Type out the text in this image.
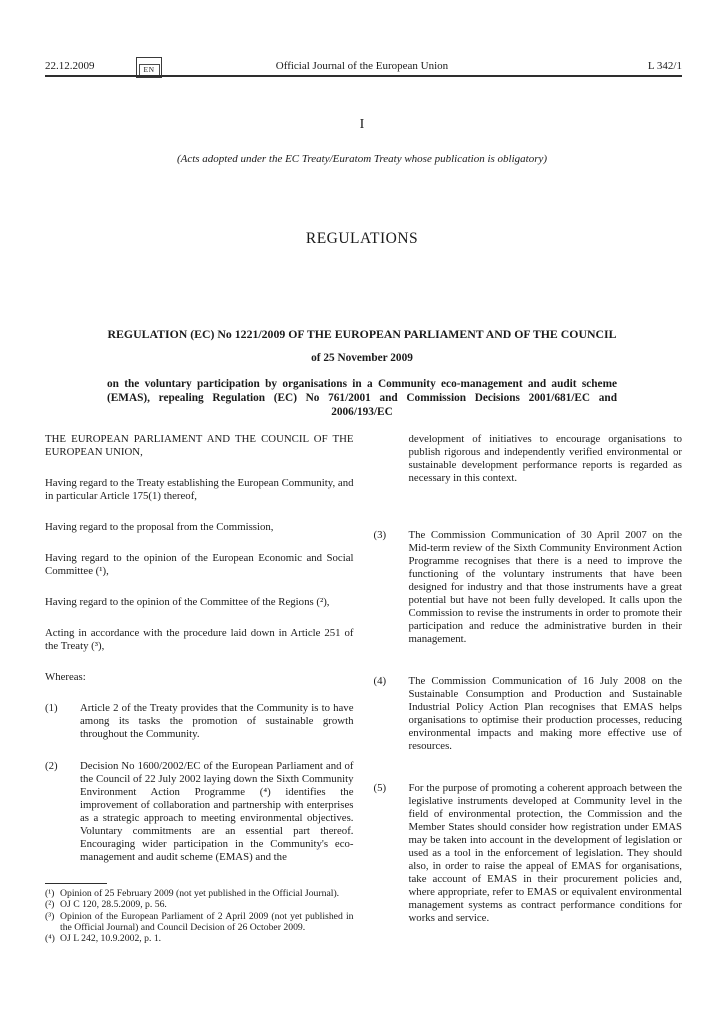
22.12.2009	EN	Official Journal of the European Union	L 342/1
I
(Acts adopted under the EC Treaty/Euratom Treaty whose publication is obligatory)
REGULATIONS
REGULATION (EC) No 1221/2009 OF THE EUROPEAN PARLIAMENT AND OF THE COUNCIL
of 25 November 2009
on the voluntary participation by organisations in a Community eco-management and audit scheme (EMAS), repealing Regulation (EC) No 761/2001 and Commission Decisions 2001/681/EC and 2006/193/EC

THE EUROPEAN PARLIAMENT AND THE COUNCIL OF THE EUROPEAN UNION,

Having regard to the Treaty establishing the European Community, and in particular Article 175(1) thereof,

Having regard to the proposal from the Commission,

Having regard to the opinion of the European Economic and Social Committee (¹),

Having regard to the opinion of the Committee of the Regions (²),

Acting in accordance with the procedure laid down in Article 251 of the Treaty (³),

Whereas:

(1)	Article 2 of the Treaty provides that the Community is to have among its tasks the promotion of sustainable growth throughout the Community.
(2)	Decision No 1600/2002/EC of the European Parliament and of the Council of 22 July 2002 laying down the Sixth Community Environment Action Programme (⁴) identifies the improvement of collaboration and partnership with enterprises as a strategic approach to meeting environmental objectives. Voluntary commitments are an essential part thereof. Encouraging wider participation in the Community's eco-management and audit scheme (EMAS) and the
(¹) Opinion of 25 February 2009 (not yet published in the Official Journal).
(²) OJ C 120, 28.5.2009, p. 56.
(³) Opinion of the European Parliament of 2 April 2009 (not yet published in the Official Journal) and Council Decision of 26 October 2009.
(⁴) OJ L 242, 10.9.2002, p. 1.

development of initiatives to encourage organisations to publish rigorous and independently verified environmental or sustainable development performance reports is regarded as necessary in this context.

(3)	The Commission Communication of 30 April 2007 on the Mid-term review of the Sixth Community Environment Action Programme recognises that there is a need to improve the functioning of the voluntary instruments that have been designed for industry and that those instruments have a great potential but have not been fully developed. It calls upon the Commission to revise the instruments in order to promote their participation and reduce the administrative burden in their management.
(4)	The Commission Communication of 16 July 2008 on the Sustainable Consumption and Production and Sustainable Industrial Policy Action Plan recognises that EMAS helps organisations to optimise their production processes, reducing environmental impacts and making more effective use of resources.
(5)	For the purpose of promoting a coherent approach between the legislative instruments developed at Community level in the field of environmental protection, the Commission and the Member States should consider how registration under EMAS may be taken into account in the development of legislation or used as a tool in the enforcement of legislation. They should also, in order to raise the appeal of EMAS for organisations, take account of EMAS in their procurement policies and, where appropriate, refer to EMAS or equivalent environmental management systems as contract performance conditions for works and service.
